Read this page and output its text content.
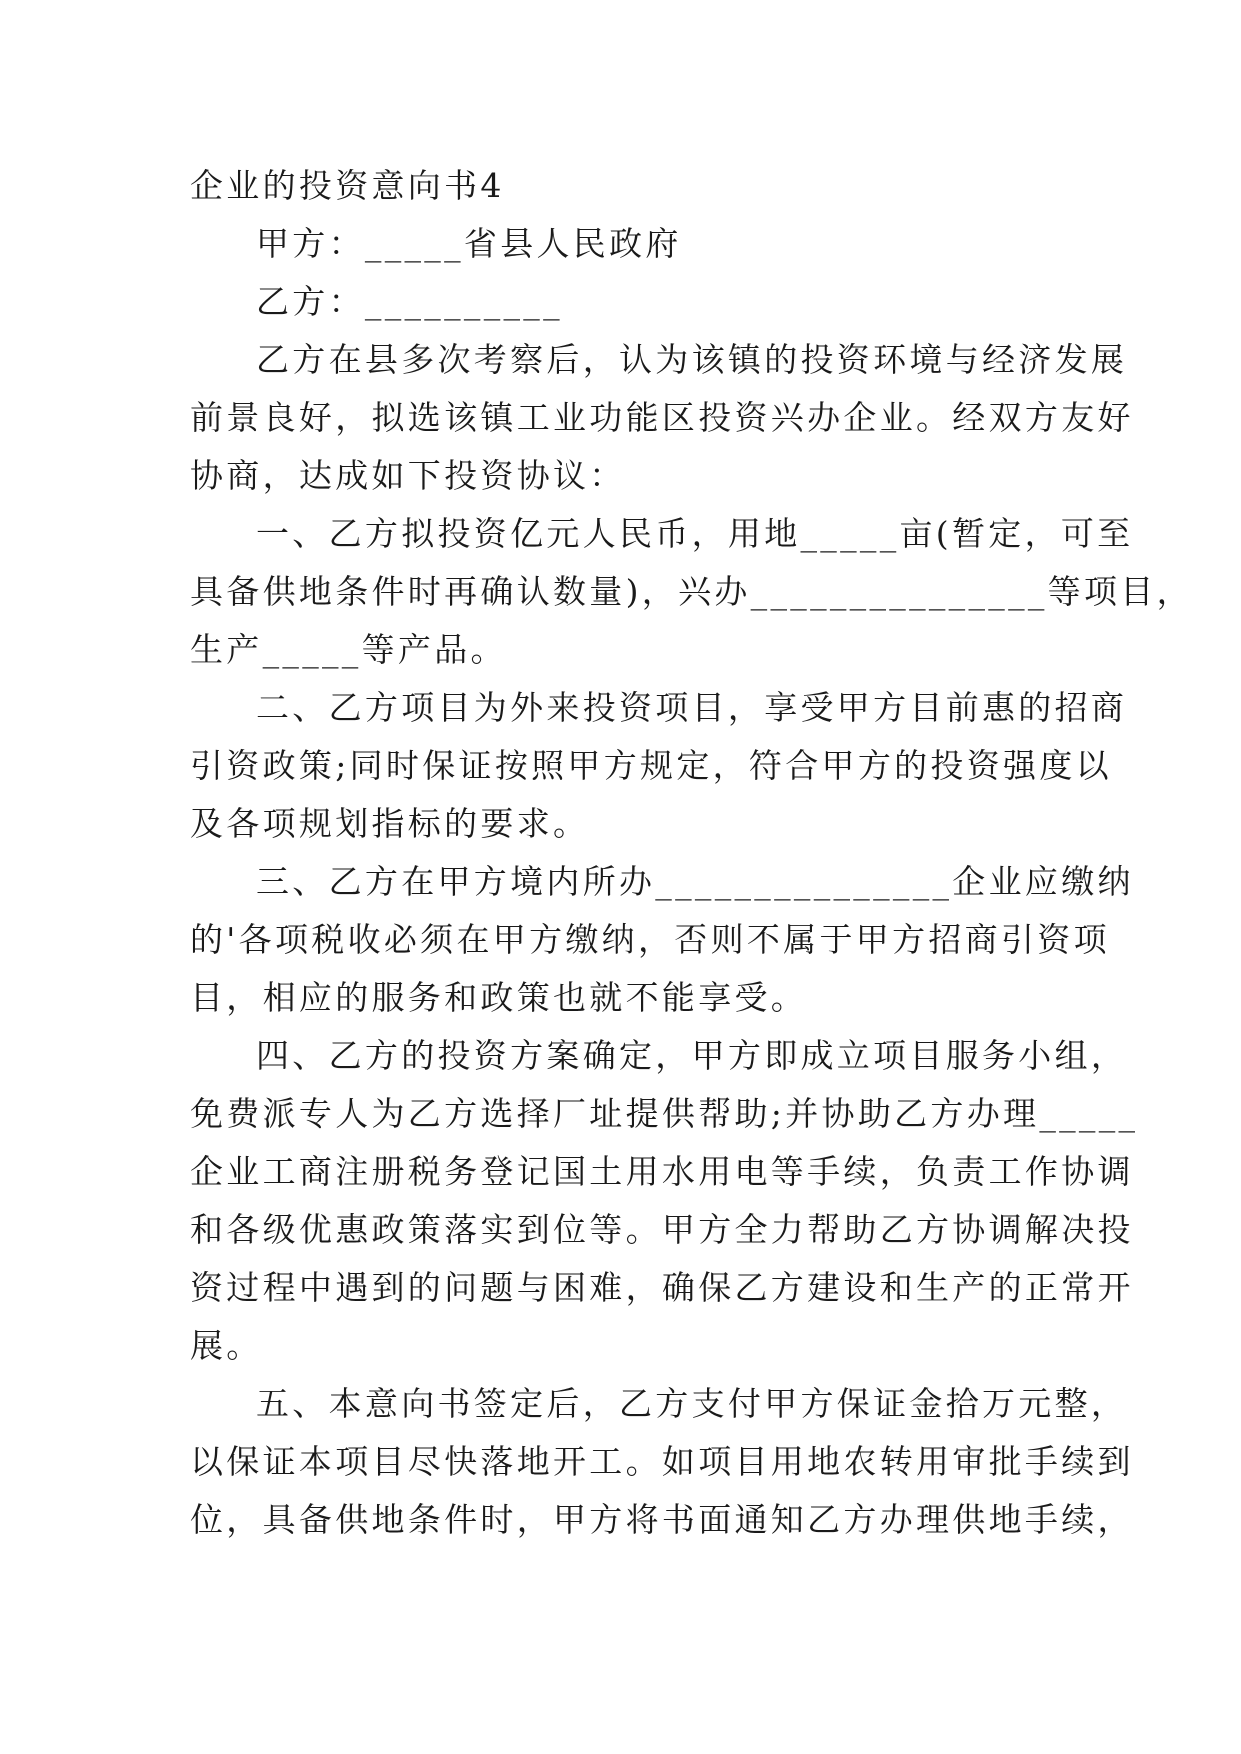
企业的投资意向书4
甲方：_____省县人民政府
乙方：__________
乙方在县多次考察后，认为该镇的投资环境与经济发展
前景良好，拟选该镇工业功能区投资兴办企业。经双方友好
协商，达成如下投资协议：
一、乙方拟投资亿元人民币，用地_____亩(暂定，可至
具备供地条件时再确认数量)，兴办_______________等项目，
生产_____等产品。
二、乙方项目为外来投资项目，享受甲方目前惠的招商
引资政策;同时保证按照甲方规定，符合甲方的投资强度以
及各项规划指标的要求。
三、乙方在甲方境内所办_______________企业应缴纳
的'各项税收必须在甲方缴纳，否则不属于甲方招商引资项
目，相应的服务和政策也就不能享受。
四、乙方的投资方案确定，甲方即成立项目服务小组，
免费派专人为乙方选择厂址提供帮助;并协助乙方办理_____
企业工商注册税务登记国土用水用电等手续，负责工作协调
和各级优惠政策落实到位等。甲方全力帮助乙方协调解决投
资过程中遇到的问题与困难，确保乙方建设和生产的正常开
展。
五、本意向书签定后，乙方支付甲方保证金拾万元整，
以保证本项目尽快落地开工。如项目用地农转用审批手续到
位，具备供地条件时，甲方将书面通知乙方办理供地手续，
